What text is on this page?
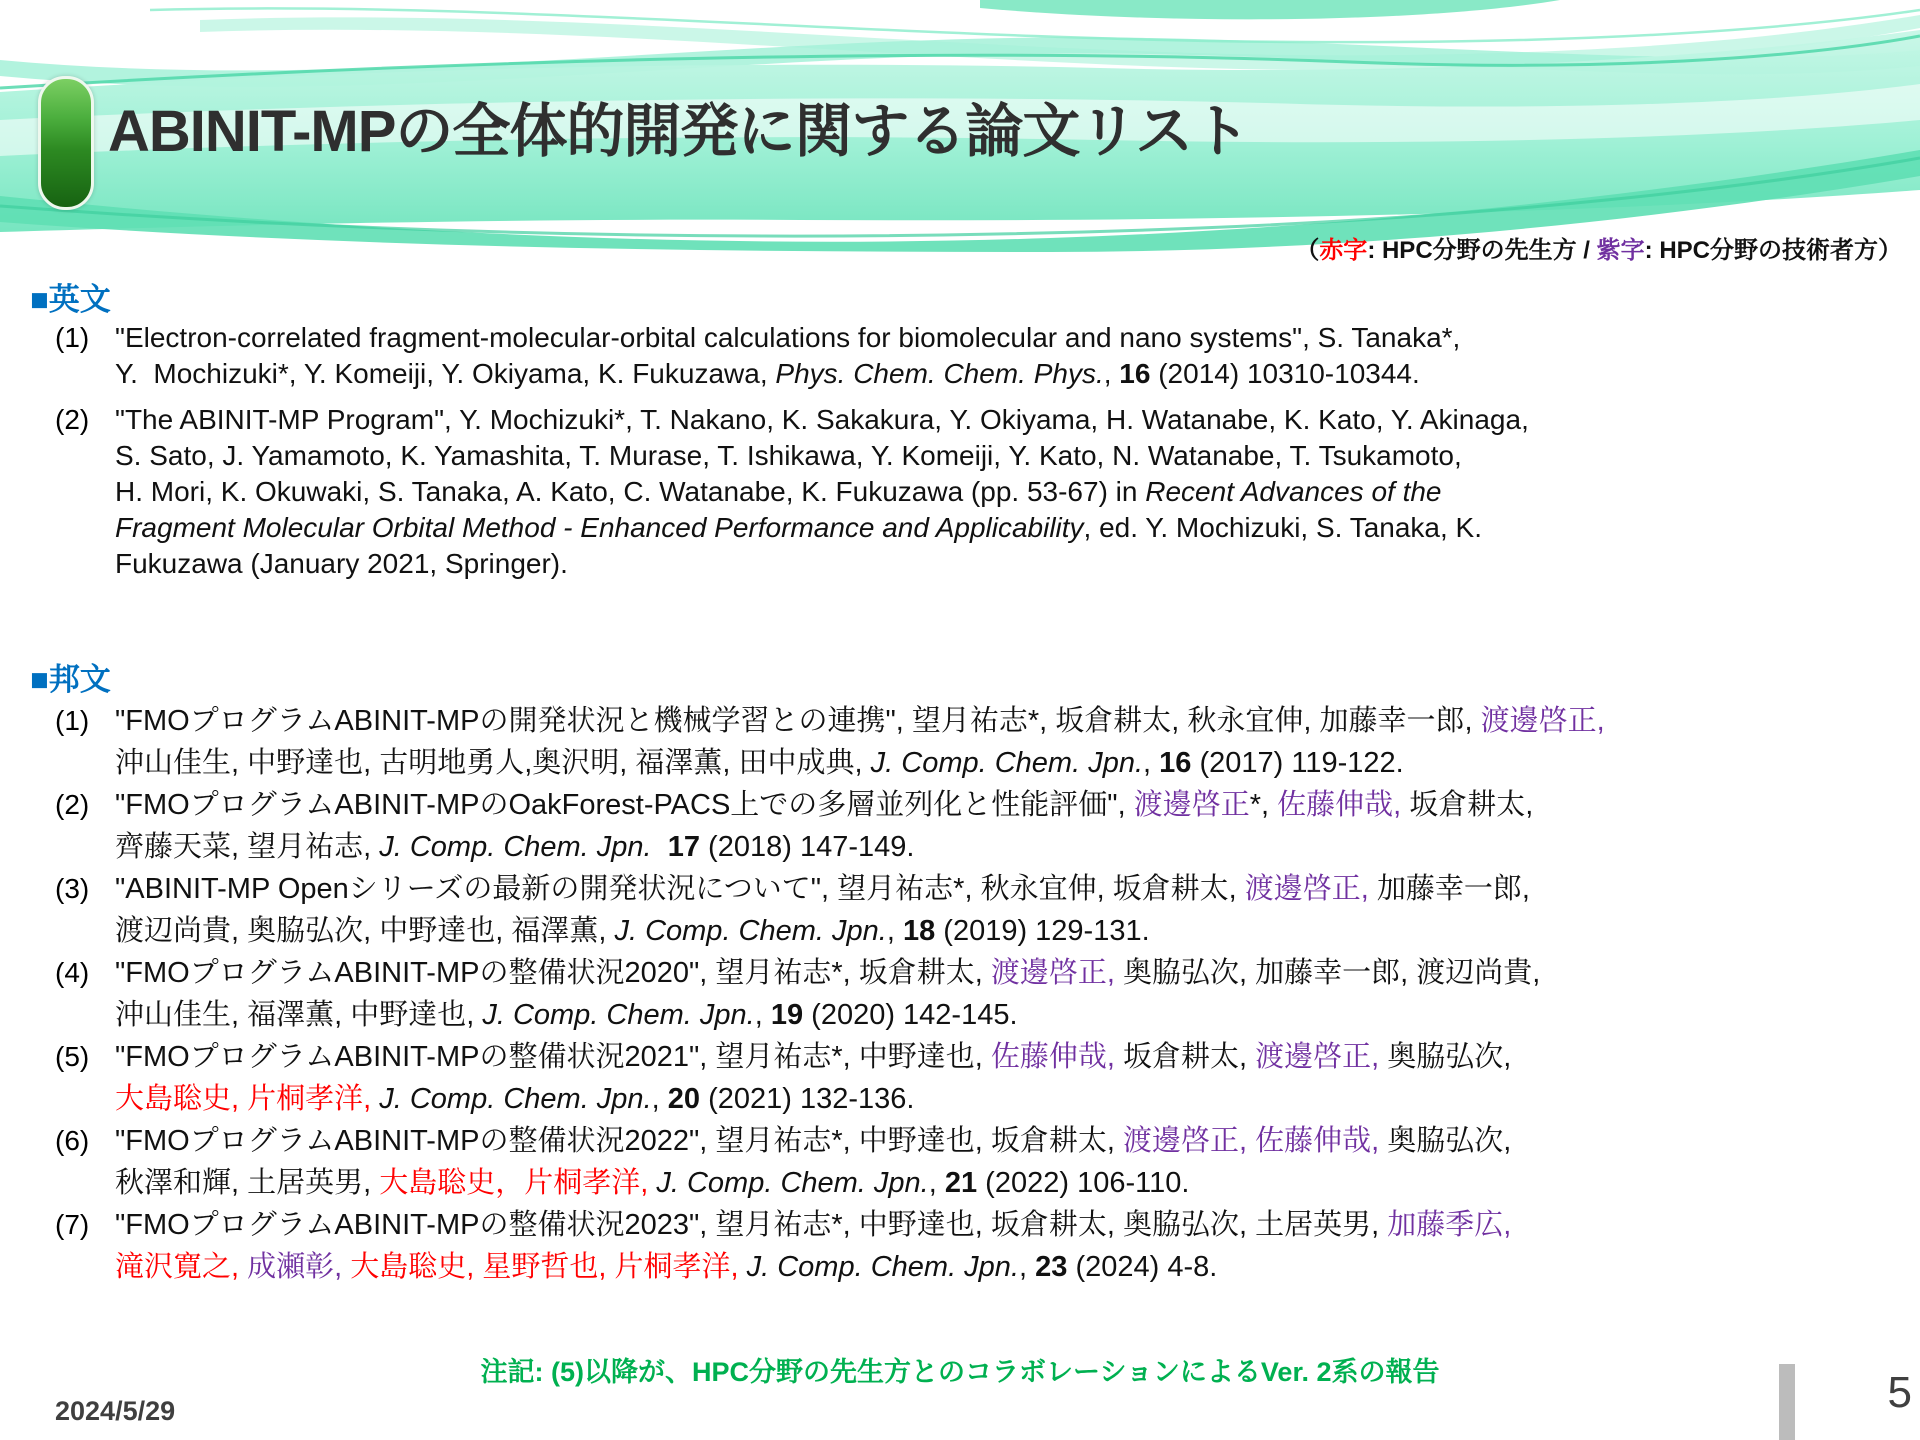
ABINIT-MPの全体的開発に関する論文リスト
（赤字: HPC分野の先生方 / 紫字: HPC分野の技術者方）
■英文
(1) "Electron-correlated fragment-molecular-orbital calculations for biomolecular and nano systems", S. Tanaka*,
Y.  Mochizuki*, Y. Komeiji, Y. Okiyama, K. Fukuzawa, Phys. Chem. Chem. Phys., 16 (2014) 10310-10344.
(2) "The ABINIT-MP Program", Y. Mochizuki*, T. Nakano, K. Sakakura, Y. Okiyama, H. Watanabe, K. Kato, Y. Akinaga,
S. Sato, J. Yamamoto, K. Yamashita, T. Murase, T. Ishikawa, Y. Komeiji, Y. Kato, N. Watanabe, T. Tsukamoto,
H. Mori, K. Okuwaki, S. Tanaka, A. Kato, C. Watanabe, K. Fukuzawa (pp. 53-67) in Recent Advances of the
Fragment Molecular Orbital Method - Enhanced Performance and Applicability, ed. Y. Mochizuki, S. Tanaka, K.
Fukuzawa (January 2021, Springer).
■邦文
(1) "FMOプログラムABINIT-MPの開発状況と機械学習との連携", 望月祐志*, 坂倉耕太, 秋永宜伸, 加藤幸一郎, 渡邊啓正,
沖山佳生, 中野達也, 古明地勇人,奥沢明, 福澤薫, 田中成典, J. Comp. Chem. Jpn., 16 (2017) 119-122.
(2) "FMOプログラムABINIT-MPのOakForest-PACS上での多層並列化と性能評価", 渡邊啓正*, 佐藤伸哉, 坂倉耕太,
齊藤天菜, 望月祐志, J. Comp. Chem. Jpn. 17 (2018) 147-149.
(3) "ABINIT-MP Openシリーズの最新の開発状況について", 望月祐志*, 秋永宜伸, 坂倉耕太, 渡邊啓正, 加藤幸一郎,
渡辺尚貴, 奥脇弘次, 中野達也, 福澤薫, J. Comp. Chem. Jpn., 18 (2019) 129-131.
(4) "FMOプログラムABINIT-MPの整備状況2020", 望月祐志*, 坂倉耕太, 渡邊啓正, 奥脇弘次, 加藤幸一郎, 渡辺尚貴,
沖山佳生, 福澤薫, 中野達也, J. Comp. Chem. Jpn., 19 (2020) 142-145.
(5) "FMOプログラムABINIT-MPの整備状況2021", 望月祐志*, 中野達也, 佐藤伸哉, 坂倉耕太, 渡邊啓正, 奥脇弘次,
大島聡史, 片桐孝洋, J. Comp. Chem. Jpn., 20 (2021) 132-136.
(6) "FMOプログラムABINIT-MPの整備状況2022", 望月祐志*, 中野達也, 坂倉耕太, 渡邊啓正, 佐藤伸哉, 奥脇弘次,
秋澤和輝, 土居英男, 大島聡史，片桐孝洋, J. Comp. Chem. Jpn., 21 (2022) 106-110.
(7) "FMOプログラムABINIT-MPの整備状況2023", 望月祐志*, 中野達也, 坂倉耕太, 奥脇弘次, 土居英男, 加藤季広,
滝沢寛之, 成瀬彰, 大島聡史, 星野哲也, 片桐孝洋, J. Comp. Chem. Jpn., 23 (2024) 4-8.
注記: (5)以降が、HPC分野の先生方とのコラボレーションによるVer. 2系の報告
2024/5/29	5
